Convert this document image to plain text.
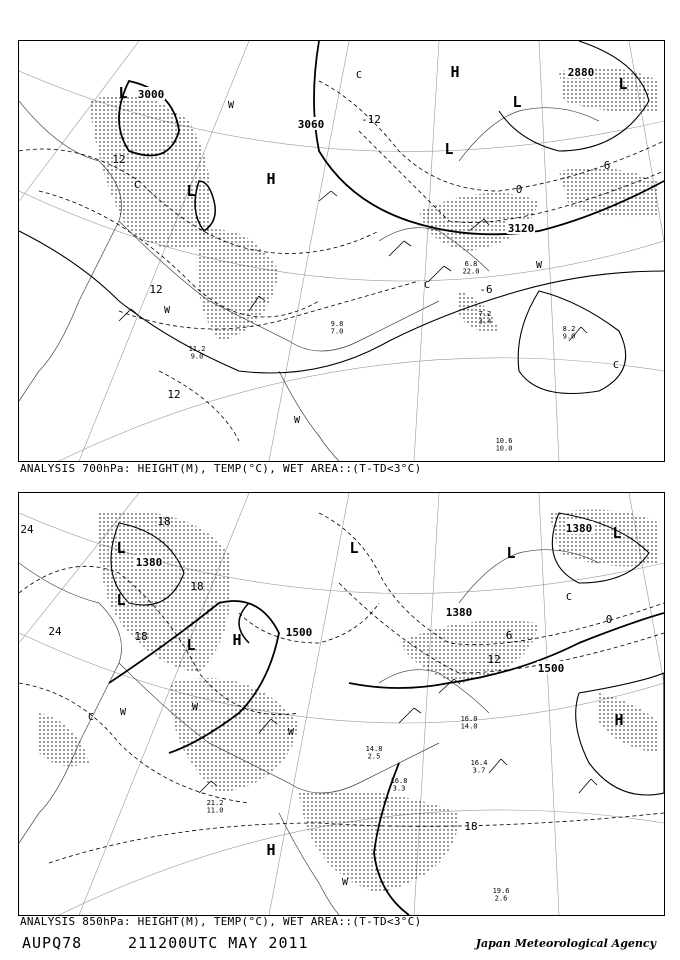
3000
3060
3120
2880
12
-12
6
12	-6
0
12
L
L
H
L
H
L
L
W
C
C
W
W
C
W
C
11.2 9.0
8.2 9.0
10.6 10.0
7.2 3.4
6.8 22.0
9.8 7.0
ANALYSIS 700hPa: HEIGHT(M), TEMP(°C), WET AREA::(T-TD<3°C)
1380
1500
1380
1500
1380
24
18
18
24	18
12
6
0
18
L
L
L H
L
H
L
H
L
C	W	W
W
W
C
21.2 11.0
16.4 3.7
16.8 3.3
19.6 2.6
14.8 2.5
16.0 14.0
ANALYSIS 850hPa: HEIGHT(M), TEMP(°C), WET AREA::(T-TD<3°C)
AUPQ78	211200UTC MAY 2011	Japan Meteorological Agency
